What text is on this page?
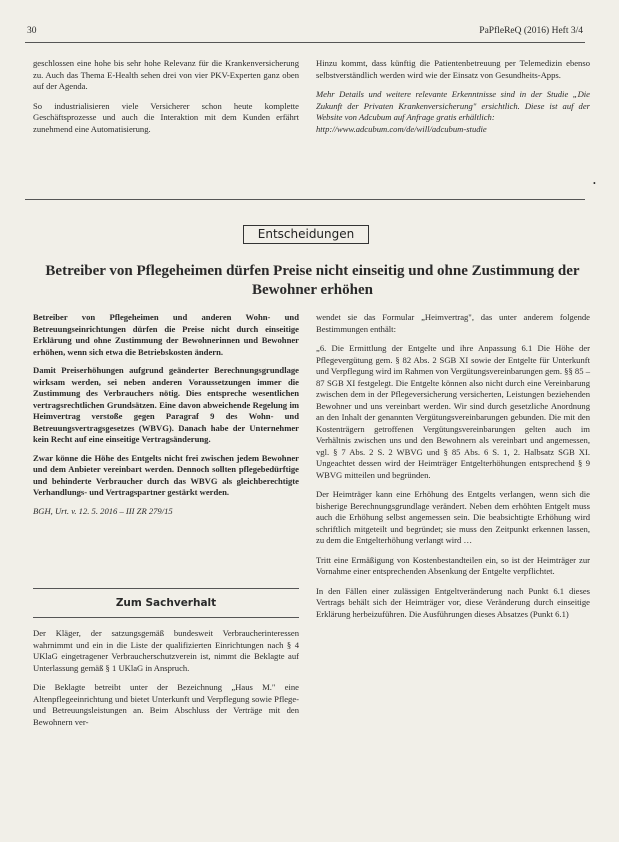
30	PaPfleReQ (2016) Heft 3/4

geschlossen eine hohe bis sehr hohe Relevanz für die Krankenversicherung zu. Auch das Thema E-Health sehen drei von vier PKV-Experten ganz oben auf der Agenda.

So industrialisieren viele Versicherer schon heute komplette Geschäftsprozesse und auch die Interaktion mit dem Kunden erfährt zunehmend eine Automatisierung.

Hinzu kommt, dass künftig die Patientenbetreuung per Telemedizin ebenso selbstverständlich werden wird wie der Einsatz von Gesundheits-Apps.

Mehr Details und weitere relevante Erkenntnisse sind in der Studie „Die Zukunft der Privaten Krankenversicherung" ersichtlich. Diese ist auf der Website von Adcubum auf Anfrage gratis erhältlich:
http://www.adcubum.com/de/will/adcubum-studie

•
Entscheidungen
Betreiber von Pflegeheimen dürfen Preise nicht einseitig und ohne Zustimmung der Bewohner erhöhen

Betreiber von Pflegeheimen und anderen Wohn- und Betreuungseinrichtungen dürfen die Preise nicht durch einseitige Erklärung und ohne Zustimmung der Bewohnerinnen und Bewohner erhöhen, wenn sich etwa die Betriebskosten ändern.

Damit Preiserhöhungen aufgrund geänderter Berechnungsgrundlage wirksam werden, sei neben anderen Voraussetzungen immer die Zustimmung des Verbrauchers nötig. Dies entspreche wesentlichen vertragsrechtlichen Grundsätzen. Eine davon abweichende Regelung im Heimvertrag verstoße gegen Paragraf 9 des Wohn- und Betreuungsvertragsgesetzes (WBVG). Danach habe der Unternehmer kein Recht auf eine einseitige Vertragsänderung.

Zwar könne die Höhe des Entgelts nicht frei zwischen jedem Bewohner und dem Anbieter vereinbart werden. Dennoch sollten pflegebedürftige und behinderte Verbraucher durch das WBVG als gleichberechtigte Verhandlungs- und Vertragspartner gestärkt werden.

BGH, Urt. v. 12. 5. 2016 – III ZR 279/15
Zum Sachverhalt

Der Kläger, der satzungsgemäß bundesweit Verbraucherinteressen wahrnimmt und ein in die Liste der qualifizierten Einrichtungen nach § 4 UKlaG eingetragener Verbraucherschutzverein ist, nimmt die Beklagte auf Unterlassung gemäß § 1 UKlaG in Anspruch.

Die Beklagte betreibt unter der Bezeichnung „Haus M." eine Altenpflegeeinrichtung und bietet Unterkunft und Verpflegung sowie Pflege- und Betreuungsleistungen an. Beim Abschluss der Verträge mit den Bewohnern ver-

wendet sie das Formular „Heimvertrag", das unter anderem folgende Bestimmungen enthält:

„6. Die Ermittlung der Entgelte und ihre Anpassung 6.1 Die Höhe der Pflegevergütung gem. § 82 Abs. 2 SGB XI sowie der Entgelte für Unterkunft und Verpflegung wird im Rahmen von Vergütungsvereinbarungen gem. §§ 85 – 87 SGB XI festgelegt. Die Entgelte können also nicht durch eine Vereinbarung zwischen dem in der Pflegeversicherung versicherten, Leistungen beziehenden Bewohner und uns vereinbart werden. Wir sind durch gesetzliche Anordnung an den Inhalt der genannten Vergütungsvereinbarungen gebunden. Die mit den Kostenträgern getroffenen Vergütungsvereinbarungen gelten auch im Verhältnis zwischen uns und den Bewohnern als vereinbart und angemessen, vgl. § 7 Abs. 2 S. 2 WBVG und § 85 Abs. 6 S. 1, 2. Halbsatz SGB XI. Ungeachtet dessen wird der Heimträger Entgelterhöhungen entsprechend § 9 WBVG mitteilen und begründen.

Der Heimträger kann eine Erhöhung des Entgelts verlangen, wenn sich die bisherige Berechnungsgrundlage verändert. Neben dem erhöhten Entgelt muss auch die Erhöhung selbst angemessen sein. Die beabsichtigte Erhöhung wird schriftlich mitgeteilt und begründet; sie muss den Zeitpunkt erkennen lassen, zu dem die Entgelterhöhung verlangt wird …

Tritt eine Ermäßigung von Kostenbestandteilen ein, so ist der Heimträger zur Vornahme einer entsprechenden Absenkung der Entgelte verpflichtet.

In den Fällen einer zulässigen Entgeltveränderung nach Punkt 6.1 dieses Vertrags behält sich der Heimträger vor, diese Veränderung durch einseitige Erklärung herbeizuführen. Die Ausführungen dieses Absatzes (Punkt 6.1)
